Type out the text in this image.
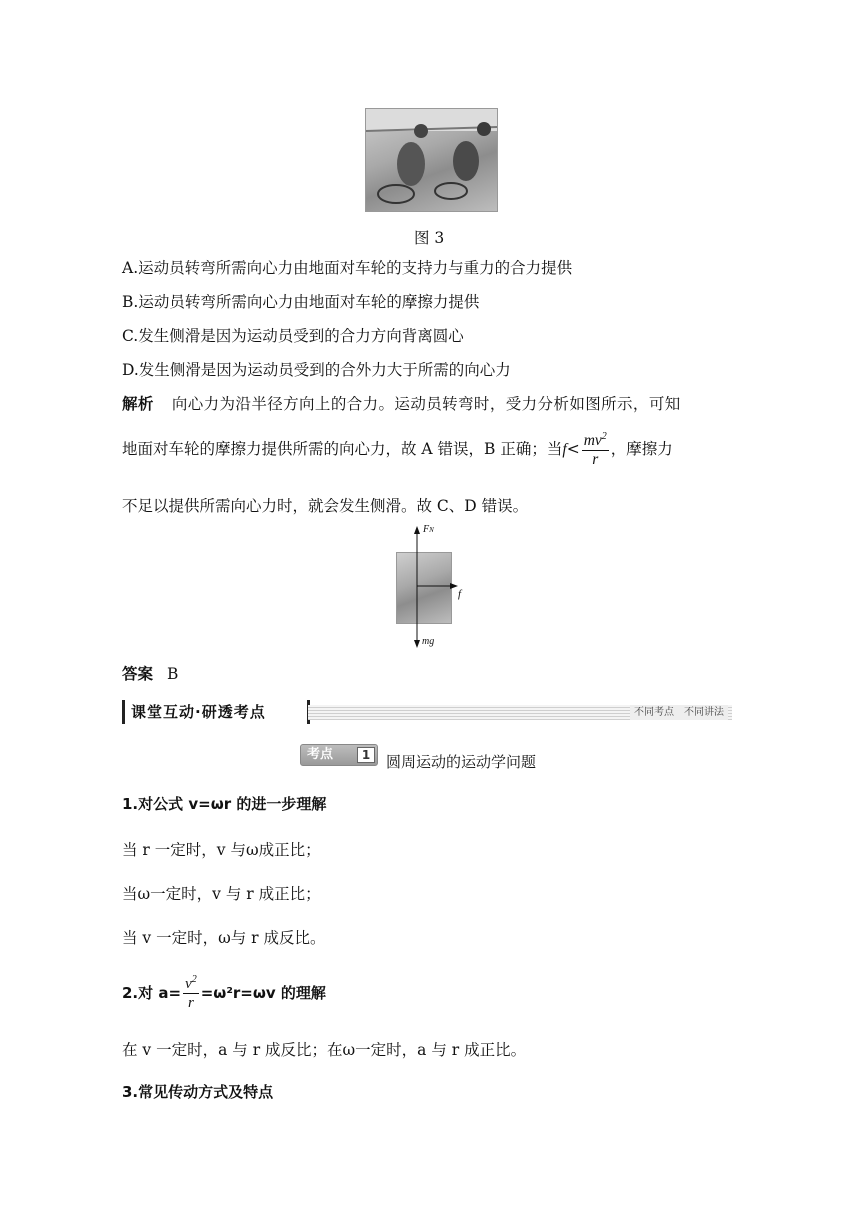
图 3
A.运动员转弯所需向心力由地面对车轮的支持力与重力的合力提供
B.运动员转弯所需向心力由地面对车轮的摩擦力提供
C.发生侧滑是因为运动员受到的合力方向背离圆心
D.发生侧滑是因为运动员受到的合外力大于所需的向心力
解析 向心力为沿半径方向上的合力。运动员转弯时，受力分析如图所示，可知
地面对车轮的摩擦力提供所需的向心力，故 A 错误，B 正确；当$f< \frac{mv^2}{r}$ ，摩擦力
不足以提供所需向心力时，就会发生侧滑。故 C、D 错误。
FN
f
mg
答案 B
课堂互动·研透考点	不同考点　不同讲法
考点	1	圆周运动的运动学问题
1.对公式 v=ωr 的进一步理解
当 r 一定时，v 与ω成正比；
当ω一定时，v 与 r 成正比；
当 v 一定时，ω与 r 成反比。
2.对 $a= \frac{v^2}{r} =\omega^2r=\omega v$ 的理解
在 v 一定时，a 与 r 成反比；在ω一定时，a 与 r 成正比。
3.常见传动方式及特点
